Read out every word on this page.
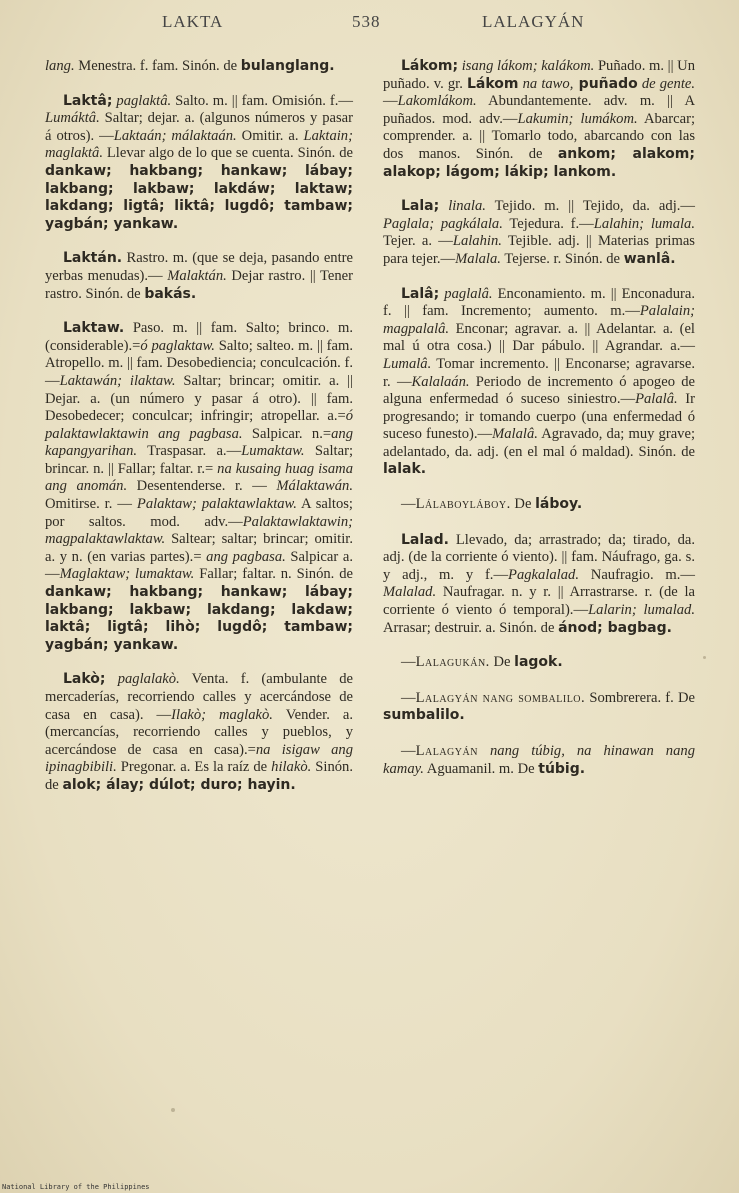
LAKTA	538	LALAGYÁN

lang. Menestra. f. fam. Sinón. de bulanglang.

Laktâ; paglaktâ. Salto. m. || fam. Omisión. f.—Lumáktâ. Saltar; dejar. a. (algunos números y pasar á otros). —Laktaán; málaktaán. Omitir. a. Laktain; maglaktâ. Llevar algo de lo que se cuenta. Sinón. de dankaw; hakbang; hankaw; lábay; lakbang; lakbaw; lakdáw; laktaw; lakdang; ligtâ; liktâ; lugdô; tambaw; yagbán; yankaw.

Laktán. Rastro. m. (que se deja, pasando entre yerbas menudas).— Malaktán. Dejar rastro. || Tener rastro. Sinón. de bakás.

Laktaw. Paso. m. || fam. Salto; brinco. m. (considerable).=ó paglaktaw. Salto; salteo. m. || fam. Atropello. m. || fam. Desobediencia; conculcación. f.—Laktawán; ilaktaw. Saltar; brincar; omitir. a. || Dejar. a. (un número y pasar á otro). || fam. Desobedecer; conculcar; infringir; atropellar. a.=ó palaktawlaktawin ang pagbasa. Salpicar. n.=ang kapangyarihan. Traspasar. a.—Lumaktaw. Saltar; brincar. n. || Fallar; faltar. r.= na kusaing huag isama ang anomán. Desentenderse. r. — Málaktawán. Omitirse. r. — Palaktaw; palaktawlaktaw. A saltos; por saltos. mod. adv.—Palaktawlaktawin; magpalaktawlaktaw. Saltear; saltar; brincar; omitir. a. y n. (en varias partes).= ang pagbasa. Salpicar a.—Maglaktaw; lumaktaw. Fallar; faltar. n. Sinón. de dankaw; hakbang; hankaw; lábay; lakbang; lakbaw; lakdang; lakdaw; laktâ; ligtâ; lihò; lugdô; tambaw; yagbán; yankaw.

Lakò; paglalakò. Venta. f. (ambulante de mercaderías, recorriendo calles y acercándose de casa en casa). —Ilakò; maglakò. Vender. a. (mercancías, recorriendo calles y pueblos, y acercándose de casa en casa).=na isigaw ang ipinagbibili. Pregonar. a. Es la raíz de hilakò. Sinón. de alok; álay; dúlot; duro; hayin.

Lákom; isang lákom; kalákom. Puñado. m. || Un puñado. v. gr. Lákom na tawo, puñado de gente.—Lakomlákom. Abundantemente. adv. m. || A puñados. mod. adv.—Lakumin; lumákom. Abarcar; comprender. a. || Tomarlo todo, abarcando con las dos manos. Sinón. de ankom; alakom; alakop; lágom; lákip; lankom.

Lala; linala. Tejido. m. || Tejido, da. adj.—Paglala; pagkálala. Tejedura. f.—Lalahin; lumala. Tejer. a. —Lalahin. Tejible. adj. || Materias primas para tejer.—Malala. Tejerse. r. Sinón. de wanlâ.

Lalâ; paglalâ. Enconamiento. m. || Enconadura. f. || fam. Incremento; aumento. m.—Palalain; magpalalâ. Enconar; agravar. a. || Adelantar. a. (el mal ú otra cosa.) || Dar pábulo. || Agrandar. a.—Lumalâ. Tomar incremento. || Enconarse; agravarse. r. —Kalalaán. Periodo de incremento ó apogeo de alguna enfermedad ó suceso siniestro.—Palalâ. Ir progresando; ir tomando cuerpo (una enfermedad ó suceso funesto).—Malalâ. Agravado, da; muy grave; adelantado, da. adj. (en el mal ó maldad). Sinón. de lalak.

—Lálaboyláboy. De láboy.

Lalad. Llevado, da; arrastrado; da; tirado, da. adj. (de la corriente ó viento). || fam. Náufrago, ga. s. y adj., m. y f.—Pagkalalad. Naufragio. m.—Malalad. Naufragar. n. y r. || Arrastrarse. r. (de la corriente ó viento ó temporal).—Lalarin; lumalad. Arrasar; destruir. a. Sinón. de ánod; bagbag.

—Lalagukán. De lagok.

—Lalagyán nang sombalilo. Sombrerera. f. De sumbalilo.

—Lalagyán nang túbig, na hinawan nang kamay. Aguamanil. m. De túbig.

National Library of the Philippines
